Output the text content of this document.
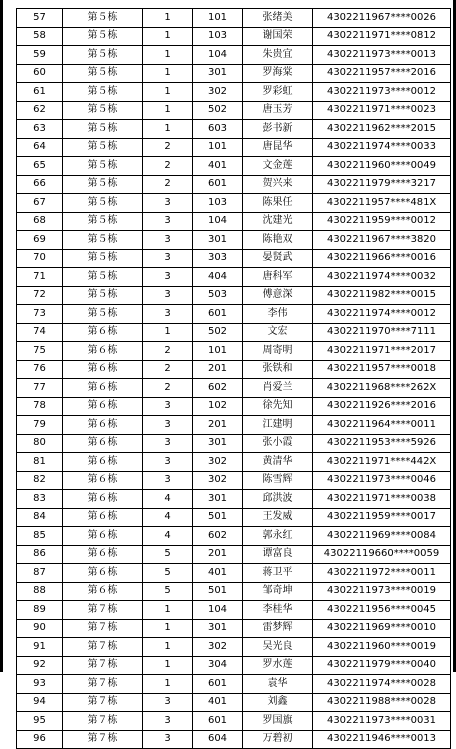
57	第５栋	1	101	张绪美	4302211967****0026
58	第５栋	1	103	谢国荣	4302211971****0812
59	第５栋	1	104	朱贵宜	4302211973****0013
60	第５栋	1	301	罗海棠	4302211957****2016
61	第５栋	1	302	罗彩虹	4302211973****0012
62	第５栋	1	502	唐玉芳	4302211971****0023
63	第５栋	1	603	彭书新	4302211962****2015
64	第５栋	2	101	唐昆华	4302211974****0033
65	第５栋	2	401	文金莲	4302211960****0049
66	第５栋	2	601	贺兴来	4302211979****3217
67	第５栋	3	103	陈果任	4302211957****481X
68	第５栋	3	104	沈建光	4302211959****0012
69	第５栋	3	301	陈艳双	4302211967****3820
70	第５栋	3	303	晏贤武	4302211966****0016
71	第５栋	3	404	唐科军	4302211974****0032
72	第５栋	3	503	傅意深	4302211982****0015
73	第５栋	3	601	李伟	4302211974****0012
74	第６栋	1	502	文宏	4302211970****7111
75	第６栋	2	101	周寄明	4302211971****2017
76	第６栋	2	201	张铁和	4302211957****0018
77	第６栋	2	602	肖爱兰	4302211968****262X
78	第６栋	3	102	徐先知	4302211926****2016
79	第６栋	3	201	江建明	4302211964****0011
80	第６栋	3	301	张小霞	4302211953****5926
81	第６栋	3	302	黄清华	4302211971****442X
82	第６栋	3	302	陈雪辉	4302211973****0046
83	第６栋	4	301	邱洪波	4302211971****0038
84	第６栋	4	501	王发威	4302211959****0017
85	第６栋	4	602	郭永红	4302211969****0084
86	第６栋	5	201	谭富良	43022119660****0059
87	第６栋	5	401	蒋卫平	4302211972****0011
88	第６栋	5	501	邹奇坤	4302211973****0019
89	第７栋	1	104	李桂华	4302211956****0045
90	第７栋	1	301	雷梦辉	4302211969****0010
91	第７栋	1	302	吴光良	4302211960****0019
92	第７栋	1	304	罗水莲	4302211979****0040
93	第７栋	1	601	袁华	4302211974****0028
94	第７栋	3	401	刘鑫	4302211988****0028
95	第７栋	3	601	罗国旗	4302211973****0031
96	第７栋	3	604	万碧初	4302211946****0013
